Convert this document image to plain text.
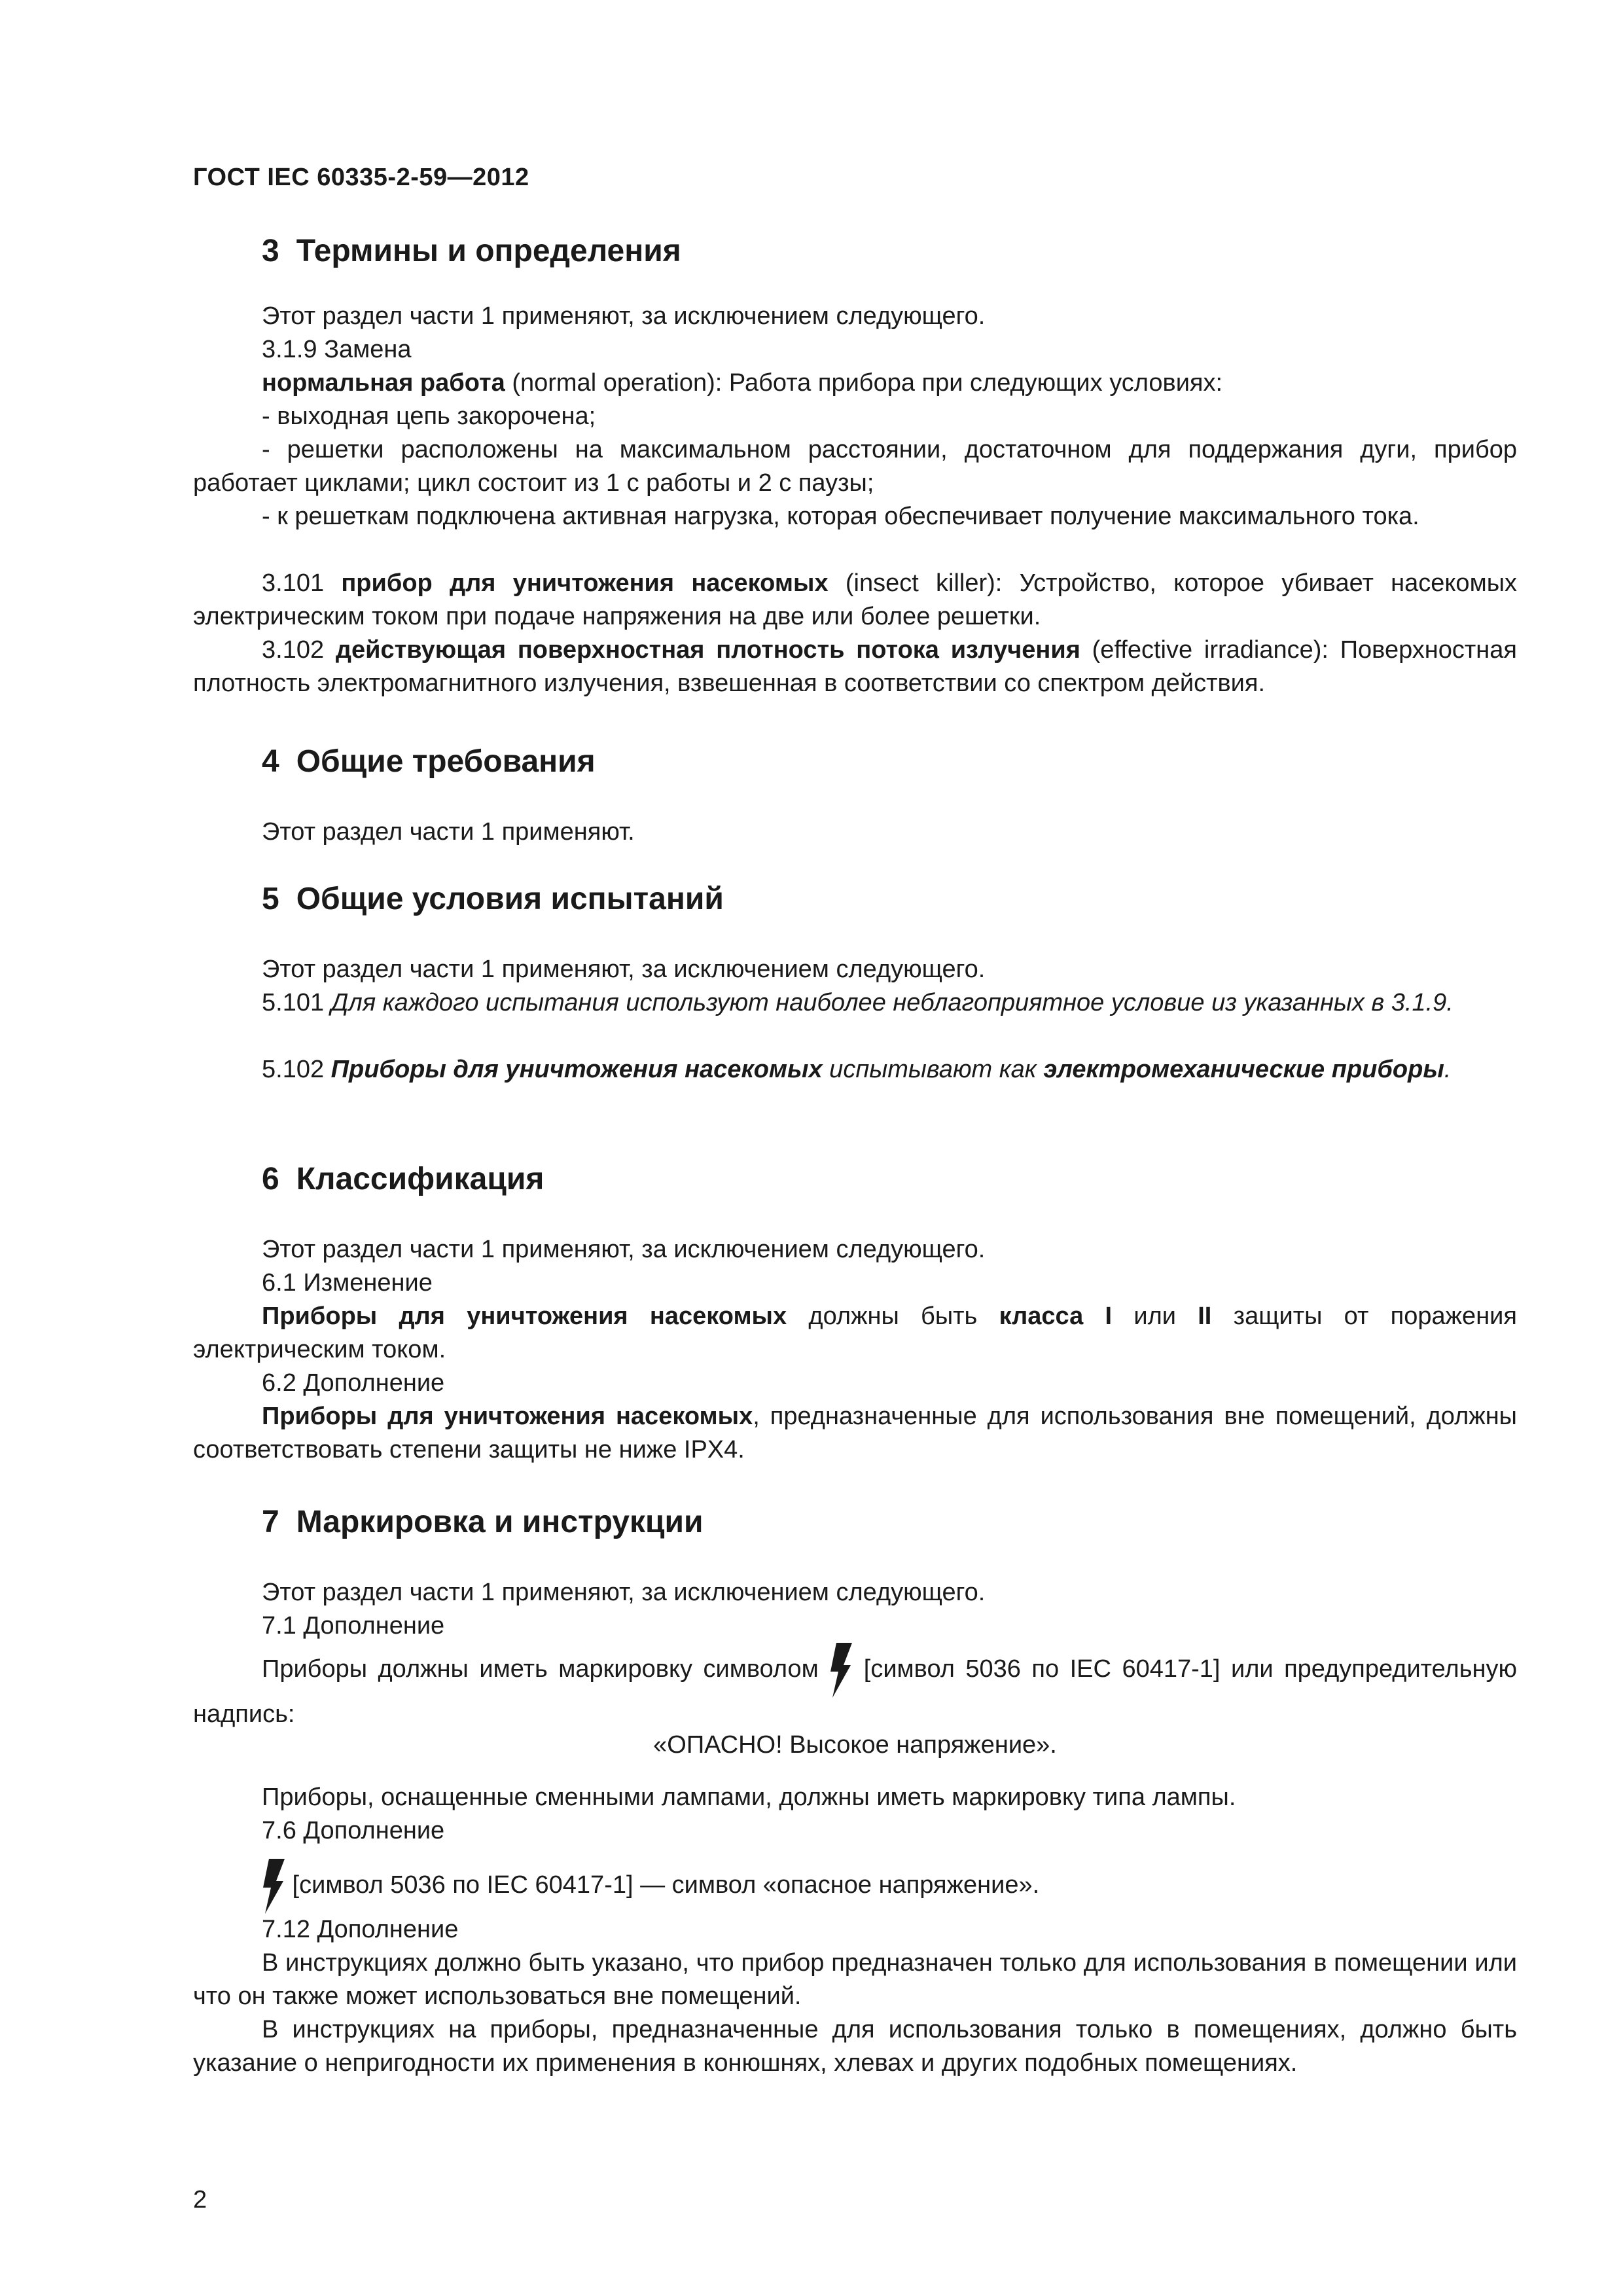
ГОСТ IEC 60335-2-59—2012
3 Термины и определения
Этот раздел части 1 применяют, за исключением следующего.
3.1.9 Замена
нормальная работа (normal operation): Работа прибора при следующих условиях:
- выходная цепь закорочена;
- решетки расположены на максимальном расстоянии, достаточном для поддержания дуги, прибор работает циклами; цикл состоит из 1 с работы и 2 с паузы;
- к решеткам подключена активная нагрузка, которая обеспечивает получение максимального тока.
3.101 прибор для уничтожения насекомых (insect killer): Устройство, которое убивает насекомых электрическим током при подаче напряжения на две или более решетки.
3.102 действующая поверхностная плотность потока излучения (effective irradiance): Поверхностная плотность электромагнитного излучения, взвешенная в соответствии со спектром действия.
4 Общие требования
Этот раздел части 1 применяют.
5 Общие условия испытаний
Этот раздел части 1 применяют, за исключением следующего.
5.101 Для каждого испытания используют наиболее неблагоприятное условие из указанных в 3.1.9.
5.102 Приборы для уничтожения насекомых испытывают как электромеханические приборы.
6 Классификация
Этот раздел части 1 применяют, за исключением следующего.
6.1 Изменение
Приборы для уничтожения насекомых должны быть класса I или II защиты от поражения электрическим током.
6.2 Дополнение
Приборы для уничтожения насекомых, предназначенные для использования вне помещений, должны соответствовать степени защиты не ниже IPX4.
7 Маркировка и инструкции
Этот раздел части 1 применяют, за исключением следующего.
7.1 Дополнение
Приборы должны иметь маркировку символом
[символ 5036 по IEC 60417-1] или предупредительную надпись:
«ОПАСНО! Высокое напряжение».
Приборы, оснащенные сменными лампами, должны иметь маркировку типа лампы.
7.6 Дополнение
[символ 5036 по IEC 60417-1] — символ «опасное напряжение».
7.12 Дополнение
В инструкциях должно быть указано, что прибор предназначен только для использования в помещении или что он также может использоваться вне помещений.
В инструкциях на приборы, предназначенные для использования только в помещениях, должно быть указание о непригодности их применения в конюшнях, хлевах и других подобных помещениях.
2
